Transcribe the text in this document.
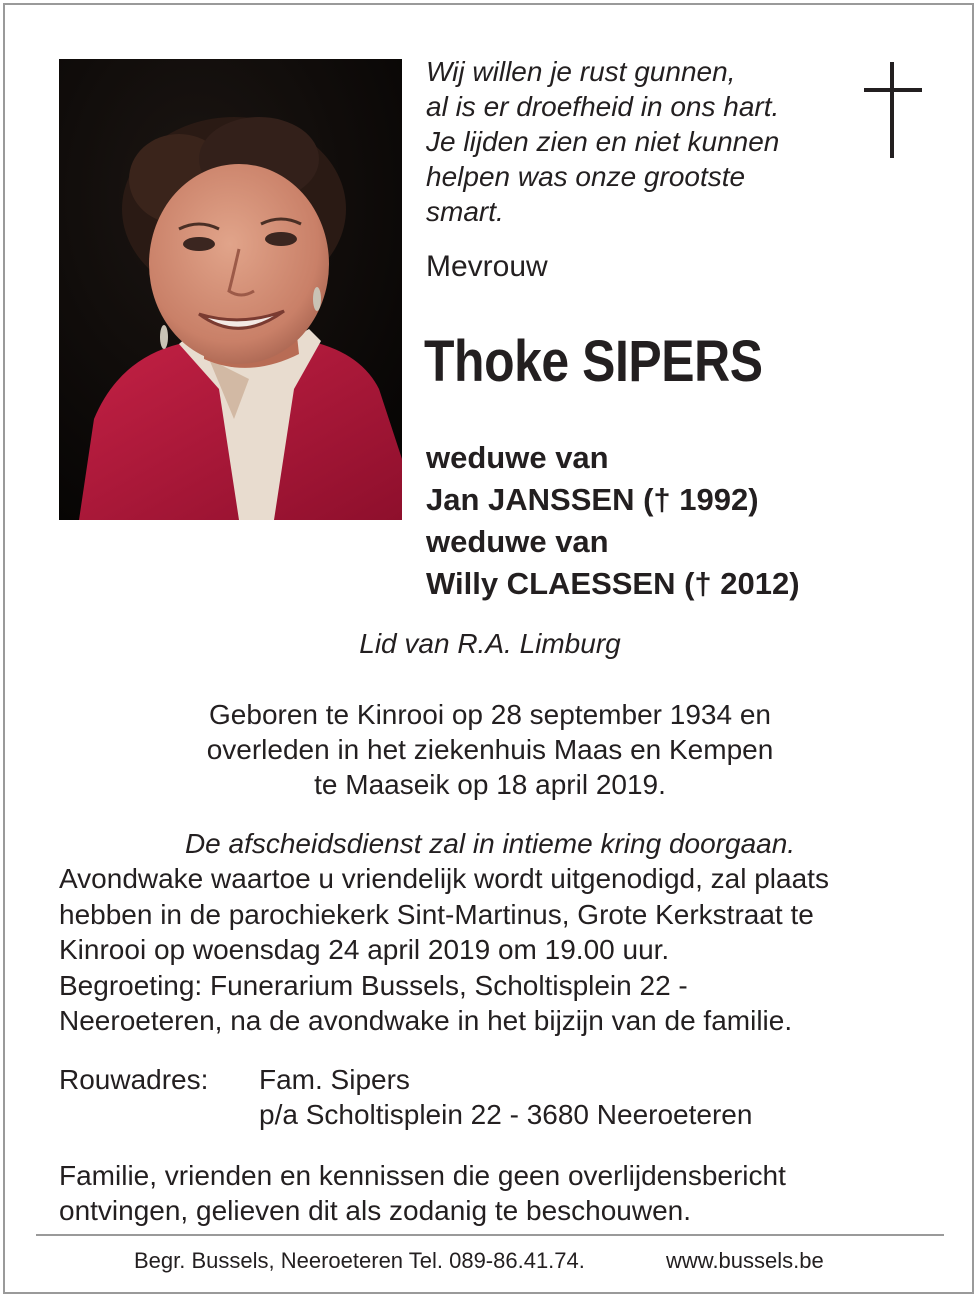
Wij willen je rust gunnen,
al is er droefheid in ons hart.
Je lijden zien en niet kunnen
helpen was onze grootste
smart.

Mevrouw

Thoke SIPERS

weduwe van
Jan JANSSEN († 1992)
weduwe van
Willy CLAESSEN († 2012)
Lid van R.A. Limburg
Geboren te Kinrooi op 28 september 1934 en
overleden in het ziekenhuis Maas en Kempen
te Maaseik op 18 april 2019.
De afscheidsdienst zal in intieme kring doorgaan.
Avondwake waartoe u vriendelijk wordt uitgenodigd, zal plaats
hebben in de parochiekerk Sint-Martinus, Grote Kerkstraat te
Kinrooi op woensdag 24 april 2019 om 19.00 uur.
Begroeting: Funerarium Bussels, Scholtisplein 22 -
Neeroeteren, na de avondwake in het bijzijn van de familie.
Rouwadres:	Fam. Sipers
p/a Scholtisplein 22 - 3680 Neeroeteren
Familie, vrienden en kennissen die geen overlijdensbericht
ontvingen, gelieven dit als zodanig te beschouwen.
Begr. Bussels, Neeroeteren Tel. 089-86.41.74.	www.bussels.be
